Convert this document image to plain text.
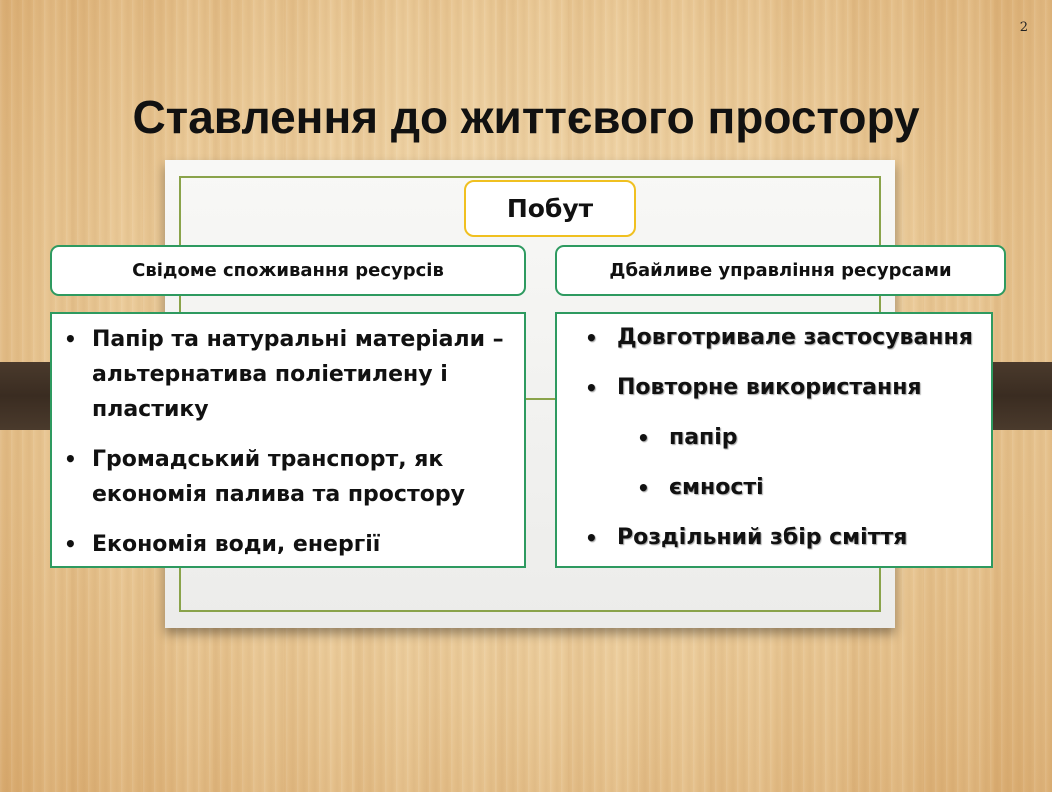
2
Ставлення до життєвого простору
Побут
Свідоме споживання ресурсів	Дбайливе управління ресурсами
• Папір та натуральні матеріали – альтернатива поліетилену і пластику
• Громадський транспорт, як економія палива та простору
• Економія води, енергії
• Довготривале застосування
• Повторне використання
• папір
• ємності
• Роздільний збір сміття
